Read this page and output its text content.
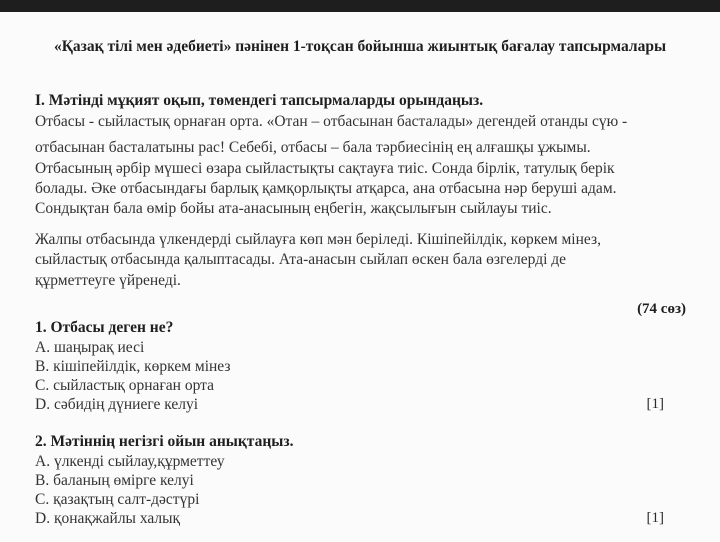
«Қазақ тілі мен әдебиеті» пәнінен 1-тоқсан бойынша жиынтық бағалау тапсырмалары
I. Мәтінді мұқият оқып, төмендегі тапсырмаларды орындаңыз.
Отбасы - сыйластық орнаған орта. «Отан – отбасынан басталады» дегендей отанды сүю -
отбасынан басталатыны рас! Себебі, отбасы – бала тәрбиесінің ең алғашқы ұжымы.
Отбасының әрбір мүшесі өзара сыйластықты сақтауға тиіс. Сонда бірлік, татулық берік
болады. Әке отбасындағы барлық қамқорлықты атқарса, ана отбасына нәр беруші адам.
Сондықтан бала өмір бойы ата-анасының еңбегін, жақсылығын сыйлауы тиіс.
Жалпы отбасында үлкендерді сыйлауға көп мән беріледі. Кішіпейілдік, көркем мінез,
сыйластық отбасында қалыптасады. Ата-анасын сыйлап өскен бала өзгелерді де
құрметтеуге үйренеді.
(74 сөз)
1. Отбасы деген не?
A. шаңырақ иесі
B. кішіпейілдік, көркем мінез
C. сыйластық орнаған орта
D. сәбидің дүниеге келуі	[1]
2. Мәтіннің негізгі ойын анықтаңыз.
А. үлкенді сыйлау,құрметтеу
B. баланың өмірге келуі
C. қазақтың салт-дәстүрі
D. қонақжайлы халық	[1]
